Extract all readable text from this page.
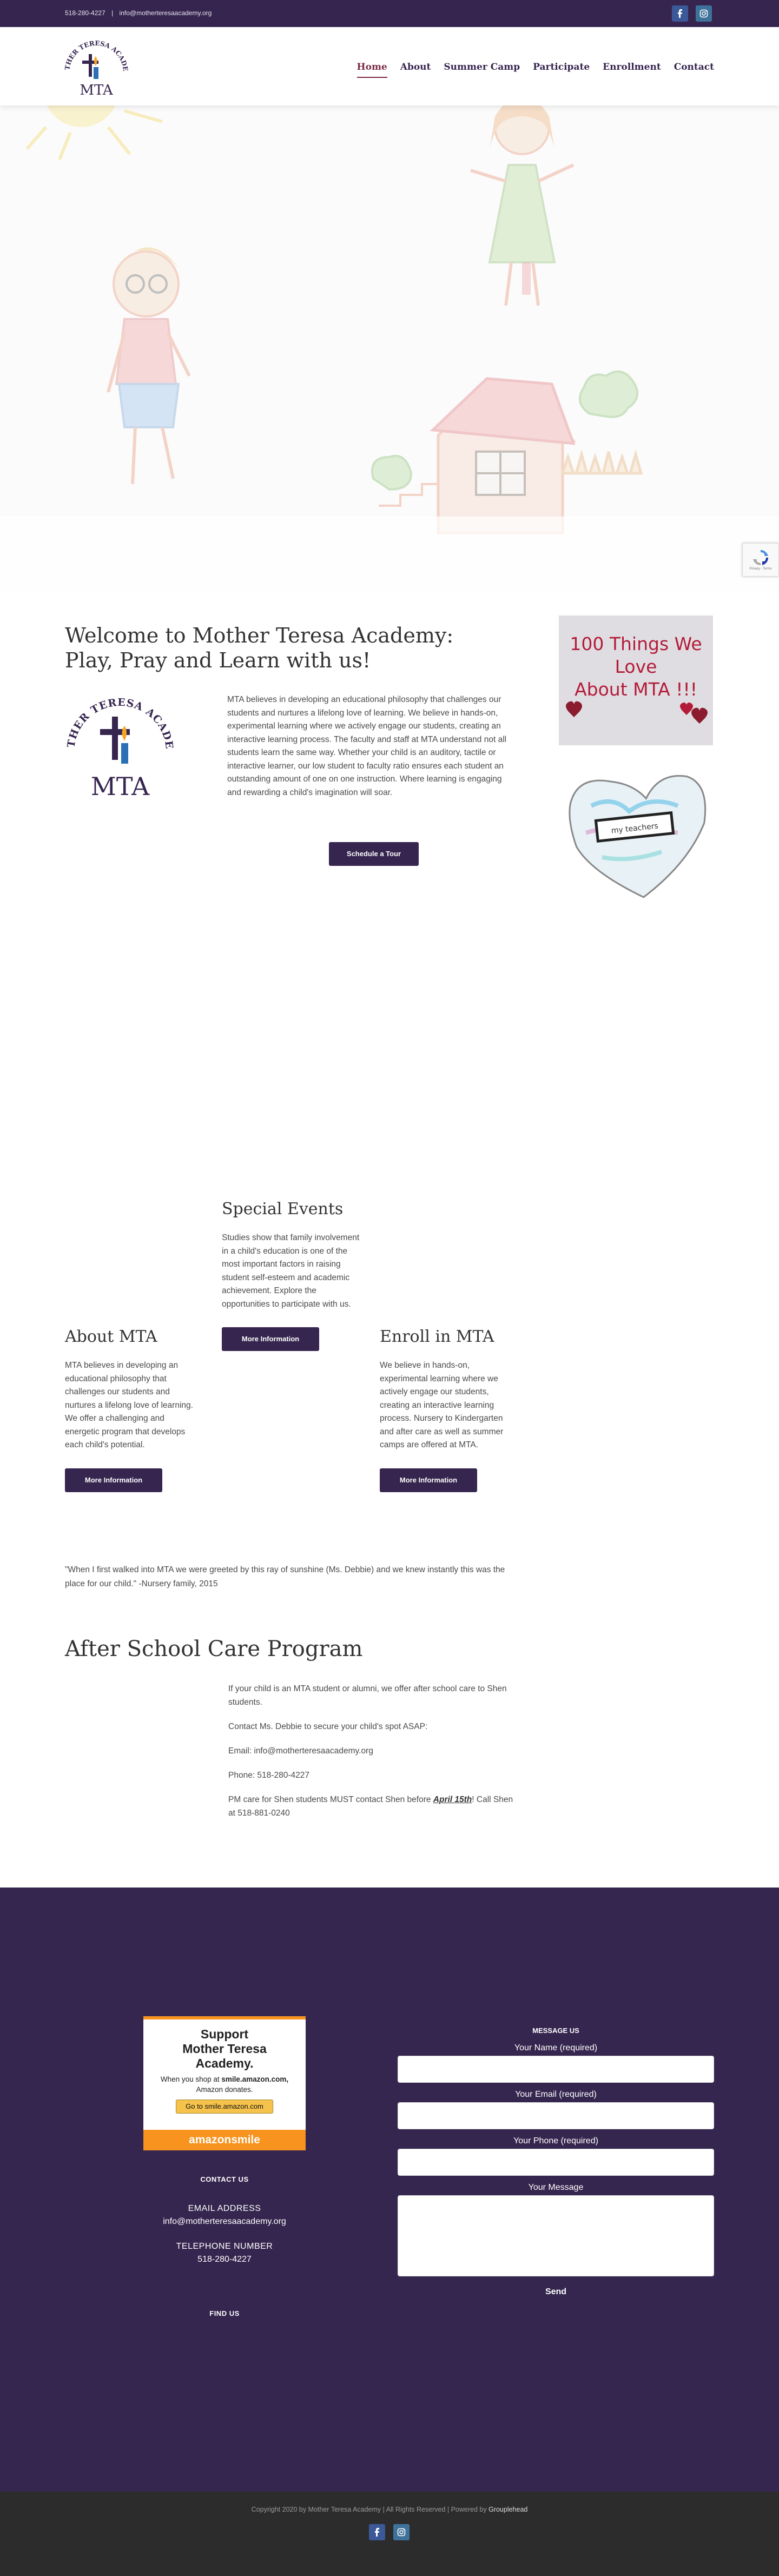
518-280-4227 | info@motherteresaacademy.org
THER TERESA ACADE
MTA
Home About Summer Camp Participate Enrollment Contact
Privacy - Terms
Welcome to Mother Teresa Academy:
Play, Pray and Learn with us!
THER TERESA ACADE
MTA

MTA believes in developing an educational philosophy that challenges our students and nurtures a lifelong love of learning. We believe in hands-on, experimental learning where we actively engage our students, creating an interactive learning process. The faculty and staff at MTA understand not all students learn the same way. Whether your child is an auditory, tactile or interactive learner, our low student to faculty ratio ensures each student an outstanding amount of one on one instruction. Where learning is engaging and rewarding a child's imagination will soar.

Schedule a Tour
100 Things We
Love
About MTA !!!
my teachers
Special Events

Studies show that family involvement in a child's education is one of the most important factors in raising student self-esteem and academic achievement. Explore the opportunities to participate with us.

More Information
About MTA

MTA believes in developing an educational philosophy that challenges our students and nurtures a lifelong love of learning. We offer a challenging and energetic program that develops each child's potential.

More Information
Enroll in MTA

We believe in hands-on, experimental learning where we actively engage our students, creating an interactive learning process. Nursery to Kindergarten and after care as well as summer camps are offered at MTA.

More Information

"When I first walked into MTA we were greeted by this ray of sunshine (Ms. Debbie) and we knew instantly this was the place for our child." -Nursery family, 2015

After School Care Program

If your child is an MTA student or alumni, we offer after school care to Shen students.

Contact Ms. Debbie to secure your child's spot ASAP:

Email: info@motherteresaacademy.org

Phone: 518-280-4227

PM care for Shen students MUST contact Shen before April 15th! Call Shen at 518-881-0240

Support
Mother Teresa
Academy.
When you shop at smile.amazon.com,
Amazon donates.
Go to smile.amazon.com
amazonsmile
CONTACT US
EMAIL ADDRESS
info@motherteresaacademy.org
TELEPHONE NUMBER
518-280-4227
FIND US
MESSAGE US
Your Name (required)
Your Email (required)
Your Phone (required)
Your Message
Send
Copyright 2020 by Mother Teresa Academy | All Rights Reserved | Powered by Grouplehead
